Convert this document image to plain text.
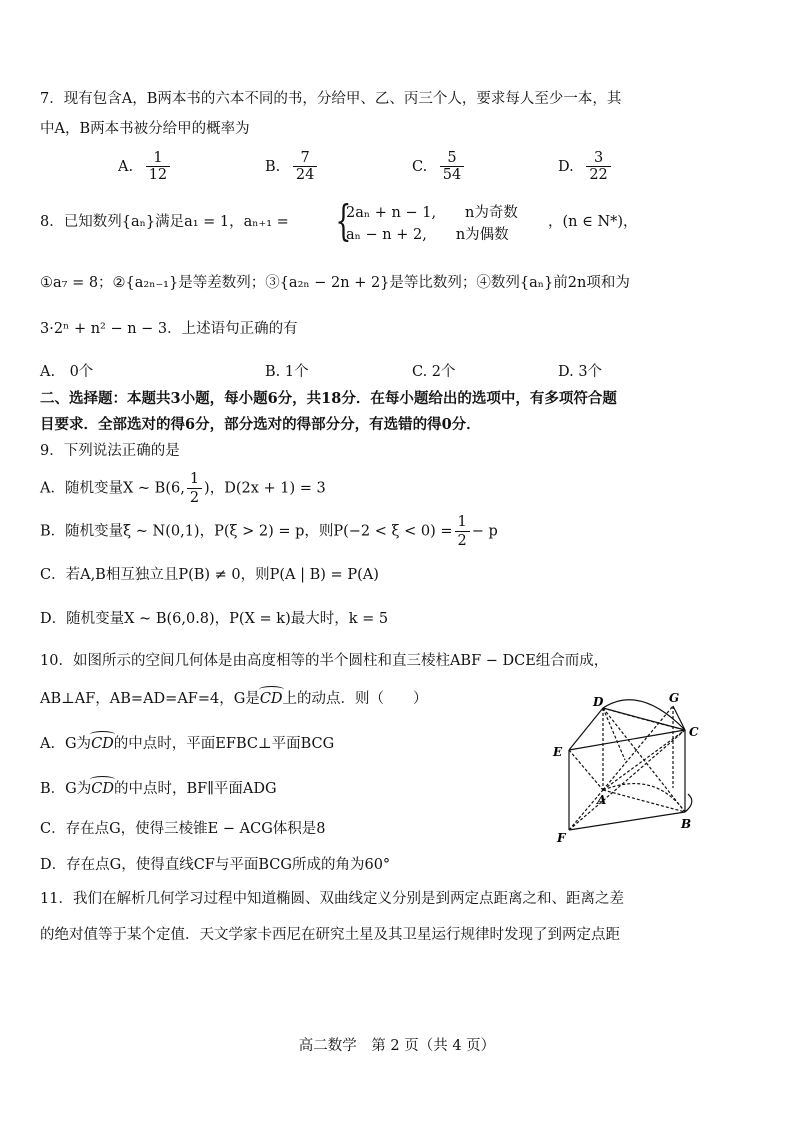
7．现有包含A，B两本书的六本不同的书，分给甲、乙、丙三个人，要求每人至少一本，其
中A，B两本书被分给甲的概率为
A. $\frac{1}{12}$	B. $\frac{7}{24}$	C. $\frac{5}{54}$	D. $\frac{3}{22}$
8．已知数列{aₙ}满足a₁ = 1，aₙ₊₁ = {
2aₙ + n − 1,　　n为奇数
aₙ − n + 2,　　n为偶数
，(n ∈ N*)，
①a₇ = 8；②{a₂ₙ₋₁}是等差数列；③{a₂ₙ − 2n + 2}是等比数列；④数列{aₙ}前2n项和为
3·2ⁿ + n² − n − 3．上述语句正确的有
A.　0个	B. 1个	C. 2个	D. 3个
二、选择题：本题共3小题，每小题6分，共18分．在每小题给出的选项中，有多项符合题
目要求．全部选对的得6分，部分选对的得部分分，有选错的得0分．
9．下列说法正确的是
A．随机变量X ~ B(6, $\frac{1}{2}$ )，D(2x + 1) = 3
B．随机变量ξ ~ N(0,1)，P(ξ > 2) = p，则$P(-2 < \xi < 0) = \frac{1}{2} - p$
C．若A,B相互独立且P(B) ≠ 0，则P(A | B) = P(A)
D．随机变量X ~ B(6,0.8)，P(X = k)最大时，k = 5
10．如图所示的空间几何体是由高度相等的半个圆柱和直三棱柱ABF − DCE组合而成，
AB⊥AF，AB=AD=AF=4，G是CD上的动点．则（　　）
A．G为CD的中点时，平面EFBC⊥平面BCG
B．G为CD的中点时，BF∥平面ADG
C．存在点G，使得三棱锥E − ACG体积是8
D．存在点G，使得直线CF与平面BCG所成的角为60°
D	G
C
E
A
B
F
11．我们在解析几何学习过程中知道椭圆、双曲线定义分别是到两定点距离之和、距离之差
的绝对值等于某个定值．天文学家卡西尼在研究土星及其卫星运行规律时发现了到两定点距
高二数学　第 2 页（共 4 页）
